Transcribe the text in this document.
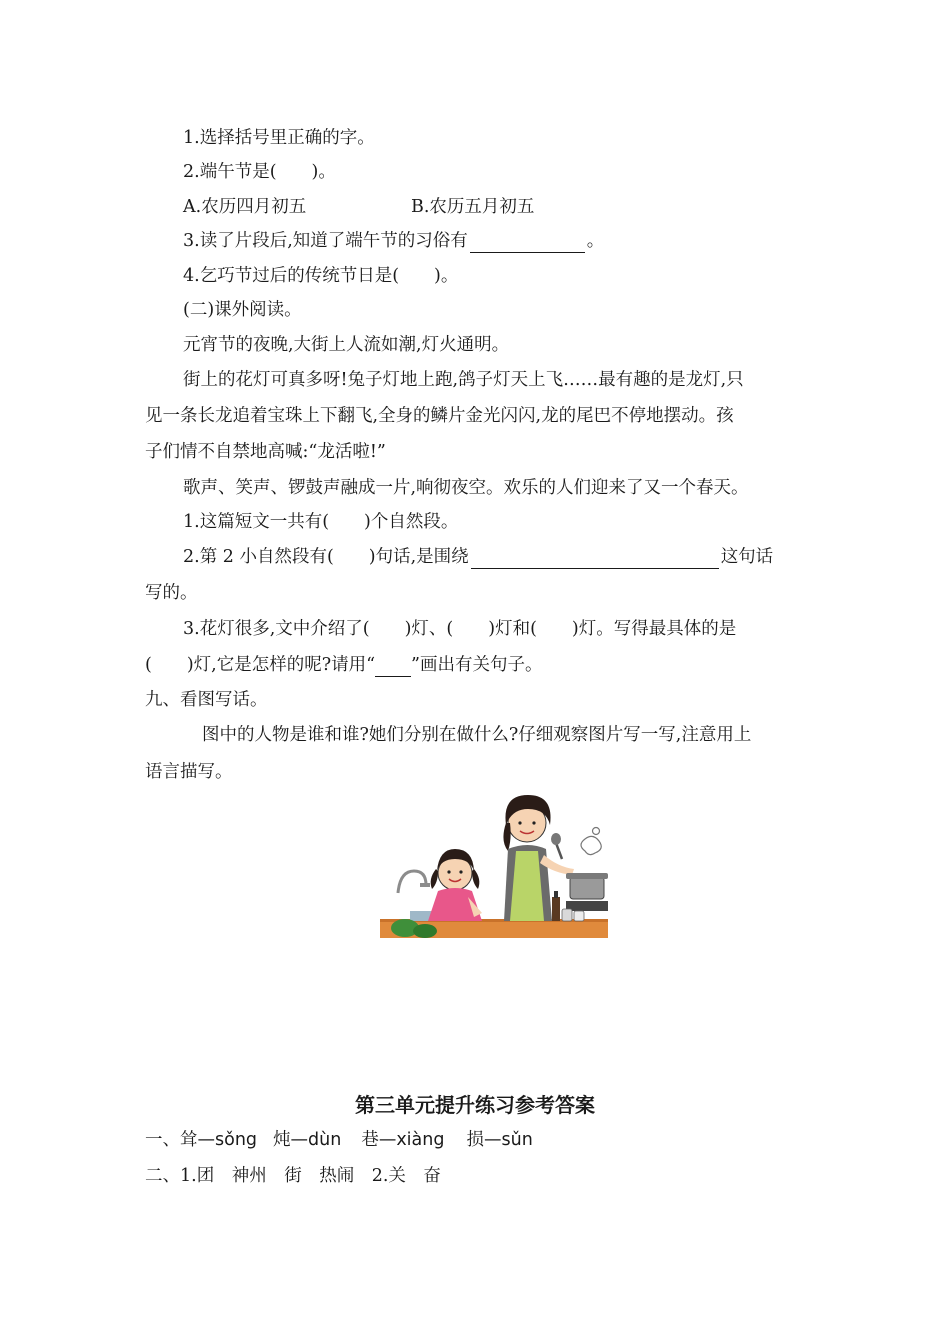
1.选择括号里正确的字。
2.端午节是(　　)。
A.农历四月初五	B.农历五月初五
3.读了片段后,知道了端午节的习俗有	。
4.乞巧节过后的传统节日是(　　)。
(二)课外阅读。
元宵节的夜晚,大街上人流如潮,灯火通明。
街上的花灯可真多呀!兔子灯地上跑,鸽子灯天上飞……最有趣的是龙灯,只
见一条长龙追着宝珠上下翻飞,全身的鳞片金光闪闪,龙的尾巴不停地摆动。孩
子们情不自禁地高喊:“龙活啦!”
歌声、笑声、锣鼓声融成一片,响彻夜空。欢乐的人们迎来了又一个春天。
1.这篇短文一共有(　　)个自然段。
2.第 2 小自然段有(　　)句话,是围绕	这句话
写的。
3.花灯很多,文中介绍了(　　)灯、(　　)灯和(　　)灯。写得最具体的是
(　　)灯,它是怎样的呢?请用“ ”画出有关句子。
九、看图写话。
图中的人物是谁和谁?她们分别在做什么?仔细观察图片写一写,注意用上
语言描写。
第三单元提升练习参考答案
一、耸—sǒng 炖—dùn 巷—xiàng 损—sǔn
二、1.团　神州　街　热闹　2.关　奋
